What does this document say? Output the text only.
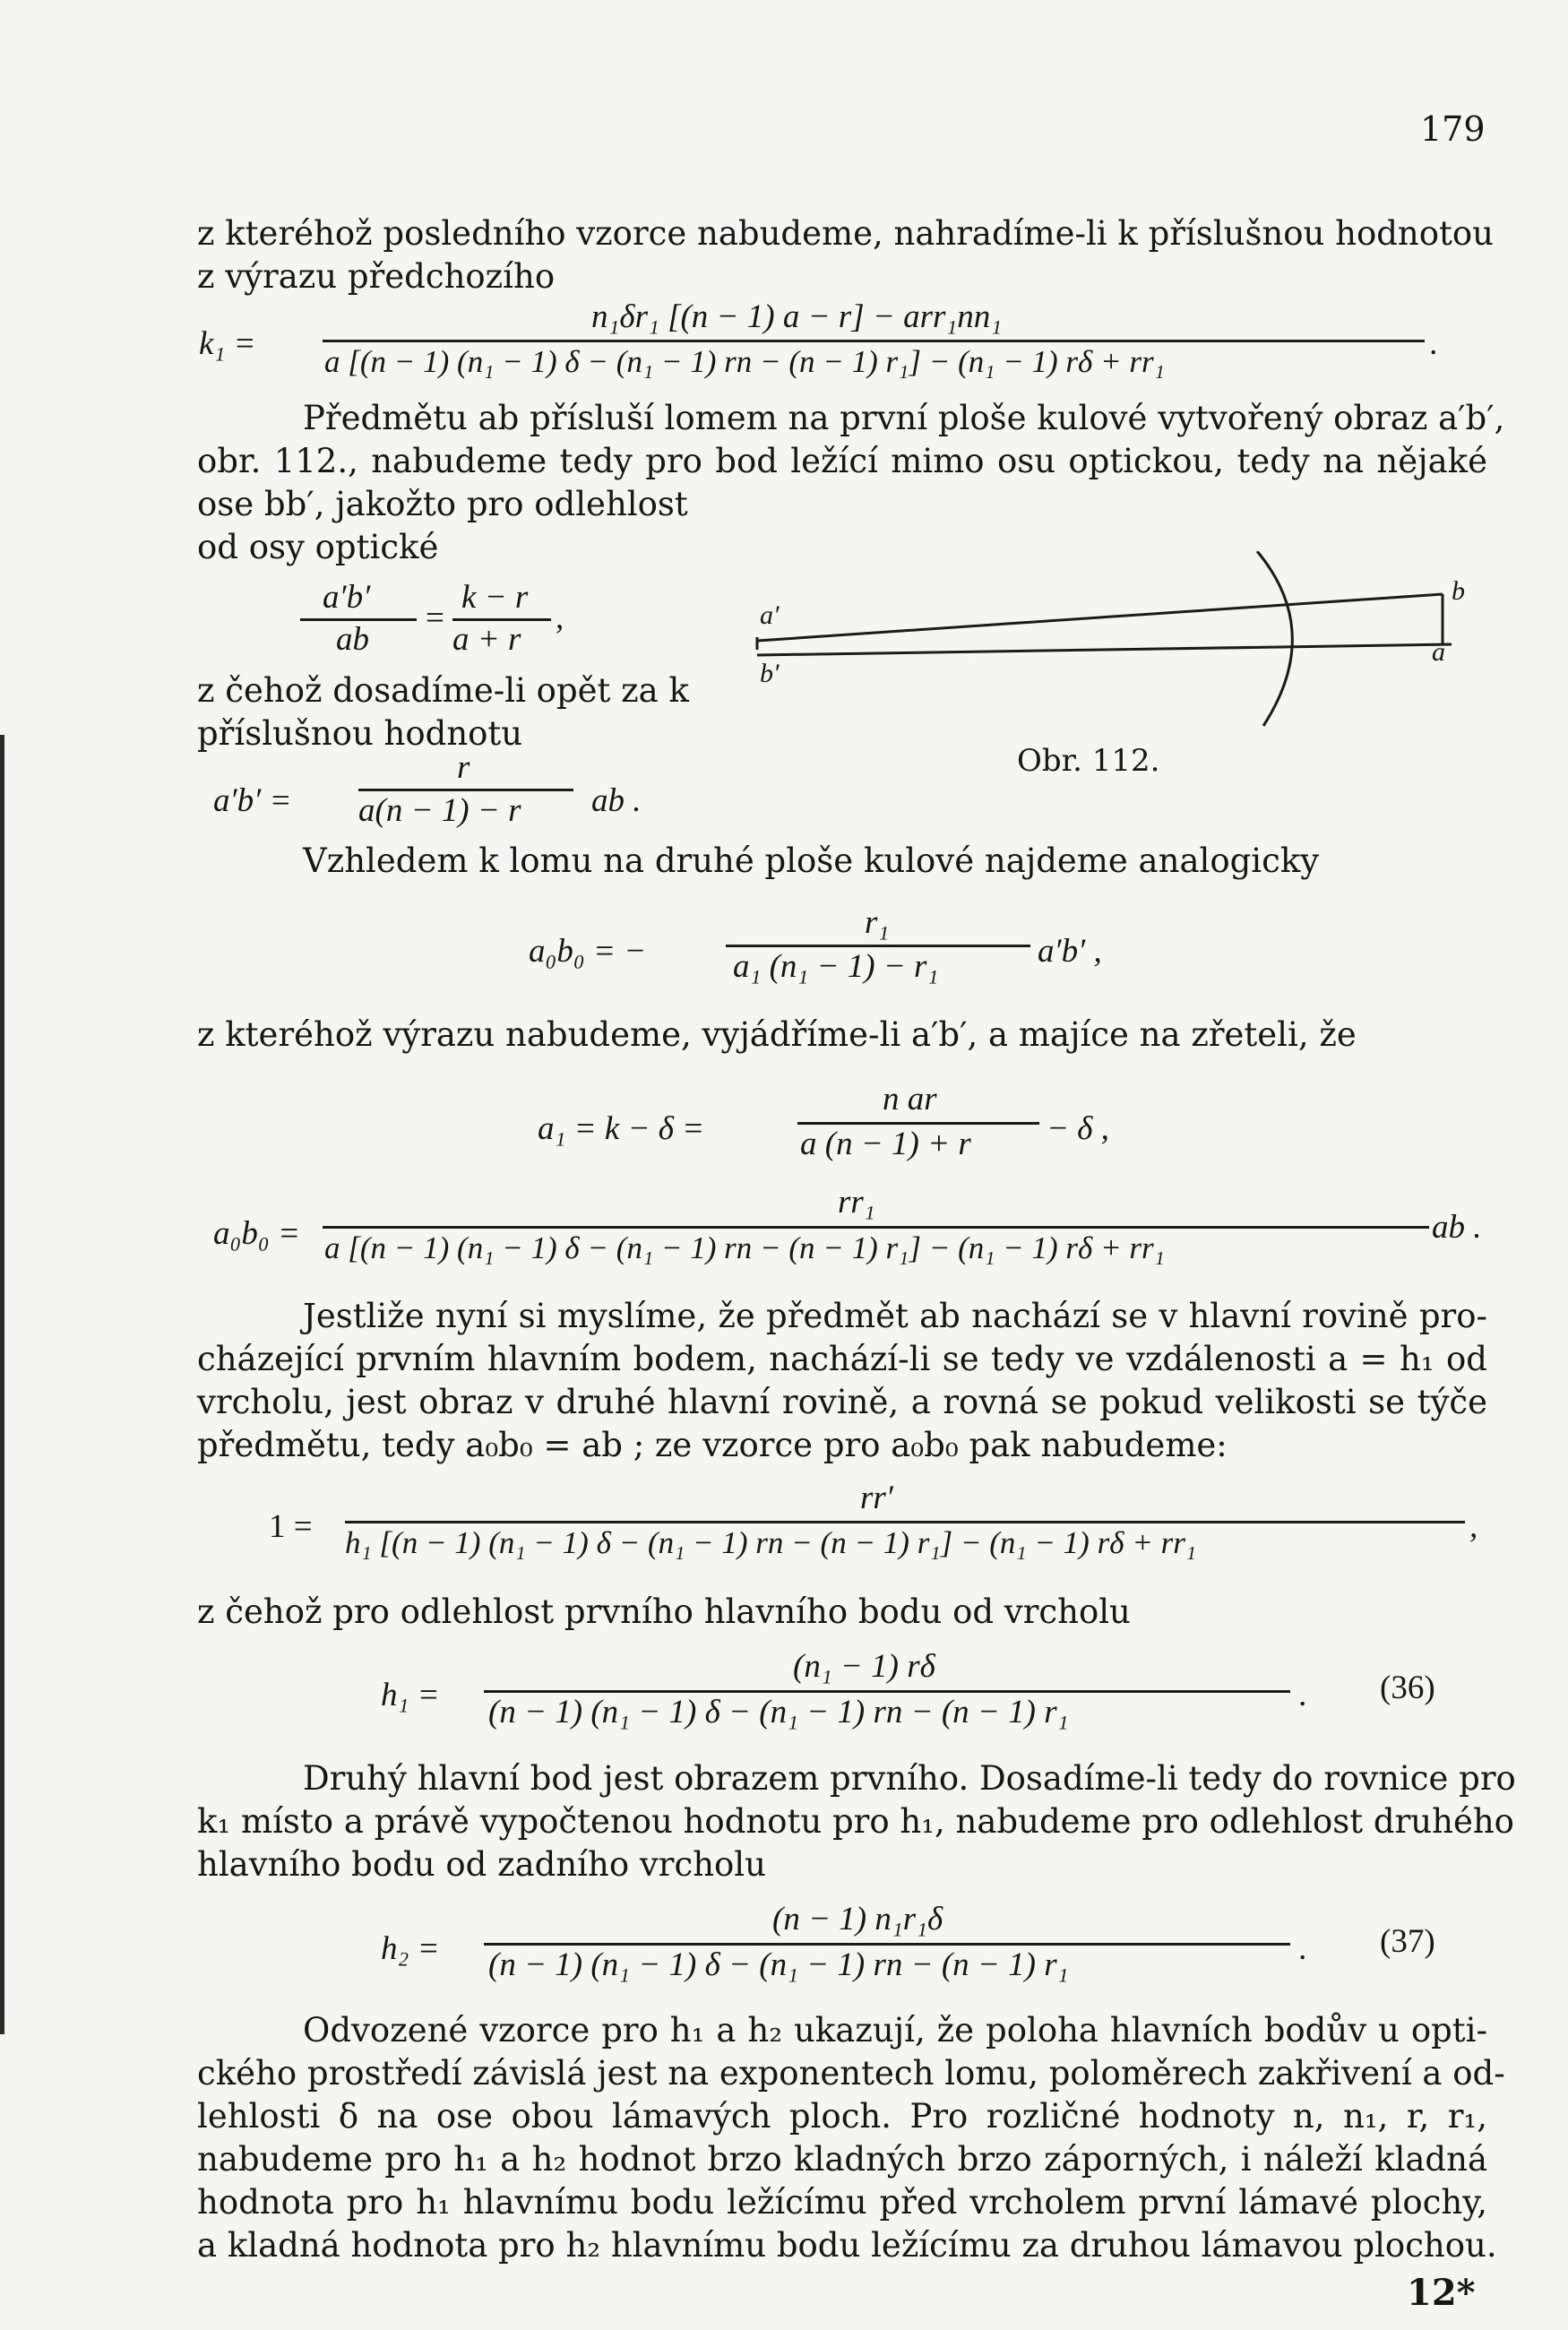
179
z kteréhož posledního vzorce nabudeme, nahradíme-li k příslušnou hodnotou
z výrazu předchozího
k₁ =
n₁δr₁ [(n − 1) a − r] − arr₁nn₁
a [(n − 1) (n₁ − 1) δ − (n₁ − 1) rn − (n − 1) r₁] − (n₁ − 1) rδ + rr₁	.
Předmětu ab přísluší lomem na první ploše kulové vytvořený obraz a′b′,
obr. 112., nabudeme tedy pro bod ležící mimo osu optickou, tedy na nějaké
ose bb′, jakožto pro odlehlost
od osy optické
a′b′
ab
=
k − r
a + r
,
z čehož dosadíme-li opět za k
příslušnou hodnotu
a′b′ =
r
a(n − 1) − r ab .
a′
b′
b
a
Obr. 112.
Vzhledem k lomu na druhé ploše kulové najdeme analogicky
a₀b₀ = −
r₁
a₁ (n₁ − 1) − r₁	a′b′ ,
z kteréhož výrazu nabudeme, vyjádříme-li a′b′, a majíce na zřeteli, že
a₁ = k − δ =
n ar
a (n − 1) + r − δ ,
a₀b₀ =
rr₁
a [(n − 1) (n₁ − 1) δ − (n₁ − 1) rn − (n − 1) r₁] − (n₁ − 1) rδ + rr₁
ab .
Jestliže nyní si myslíme, že předmět ab nachází se v hlavní rovině pro-
cházející prvním hlavním bodem, nachází-li se tedy ve vzdálenosti a = h₁ od
vrcholu, jest obraz v druhé hlavní rovině, a rovná se pokud velikosti se týče
předmětu, tedy a₀b₀ = ab ; ze vzorce pro a₀b₀ pak nabudeme:
1 =
rr′
h₁ [(n − 1) (n₁ − 1) δ − (n₁ − 1) rn − (n − 1) r₁] − (n₁ − 1) rδ + rr₁	,
z čehož pro odlehlost prvního hlavního bodu od vrcholu
h₁ =
(n₁ − 1) rδ
(n − 1) (n₁ − 1) δ − (n₁ − 1) rn − (n − 1) r₁	. (36)
Druhý hlavní bod jest obrazem prvního. Dosadíme-li tedy do rovnice pro
k₁ místo a právě vypočtenou hodnotu pro h₁, nabudeme pro odlehlost druhého
hlavního bodu od zadního vrcholu
h₂ =
(n − 1) n₁r₁δ
(n − 1) (n₁ − 1) δ − (n₁ − 1) rn − (n − 1) r₁	. (37)
Odvozené vzorce pro h₁ a h₂ ukazují, že poloha hlavních bodův u opti-
ckého prostředí závislá jest na exponentech lomu, poloměrech zakřivení a od-
lehlosti δ na ose obou lámavých ploch. Pro rozličné hodnoty n, n₁, r, r₁,
nabudeme pro h₁ a h₂ hodnot brzo kladných brzo záporných, i náleží kladná
hodnota pro h₁ hlavnímu bodu ležícímu před vrcholem první lámavé plochy,
a kladná hodnota pro h₂ hlavnímu bodu ležícímu za druhou lámavou plochou.
12*
